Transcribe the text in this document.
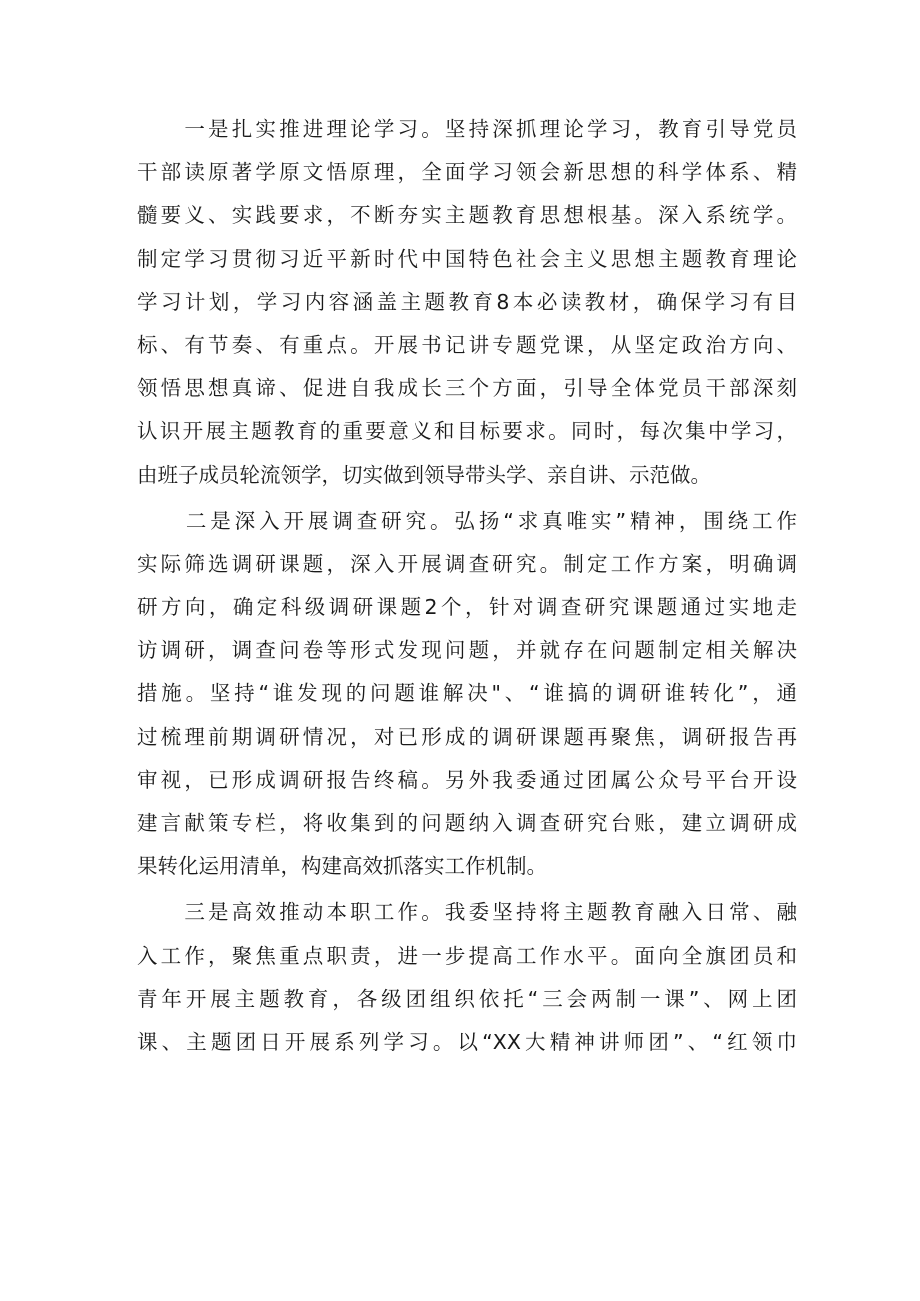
　　一是扎实推进理论学习。坚持深抓理论学习，教育引导党员
干部读原著学原文悟原理，全面学习领会新思想的科学体系、精
髓要义、实践要求，不断夯实主题教育思想根基。深入系统学。
制定学习贯彻习近平新时代中国特色社会主义思想主题教育理论
学习计划，学习内容涵盖主题教育8本必读教材，确保学习有目
标、有节奏、有重点。开展书记讲专题党课，从坚定政治方向、
领悟思想真谛、促进自我成长三个方面，引导全体党员干部深刻
认识开展主题教育的重要意义和目标要求。同时，每次集中学习，
由班子成员轮流领学，切实做到领导带头学、亲自讲、示范做。
　　二是深入开展调查研究。弘扬“求真唯实”精神，围绕工作
实际筛选调研课题，深入开展调查研究。制定工作方案，明确调
研方向，确定科级调研课题2个，针对调查研究课题通过实地走
访调研，调查问卷等形式发现问题，并就存在问题制定相关解决
措施。坚持“谁发现的问题谁解决"、“谁搞的调研谁转化”，通
过梳理前期调研情况，对已形成的调研课题再聚焦，调研报告再
审视，已形成调研报告终稿。另外我委通过团属公众号平台开设
建言献策专栏，将收集到的问题纳入调查研究台账，建立调研成
果转化运用清单，构建高效抓落实工作机制。
　　三是高效推动本职工作。我委坚持将主题教育融入日常、融
入工作，聚焦重点职责，进一步提高工作水平。面向全旗团员和
青年开展主题教育，各级团组织依托“三会两制一课”、网上团
课、主题团日开展系列学习。以“XX大精神讲师团”、“红领巾
